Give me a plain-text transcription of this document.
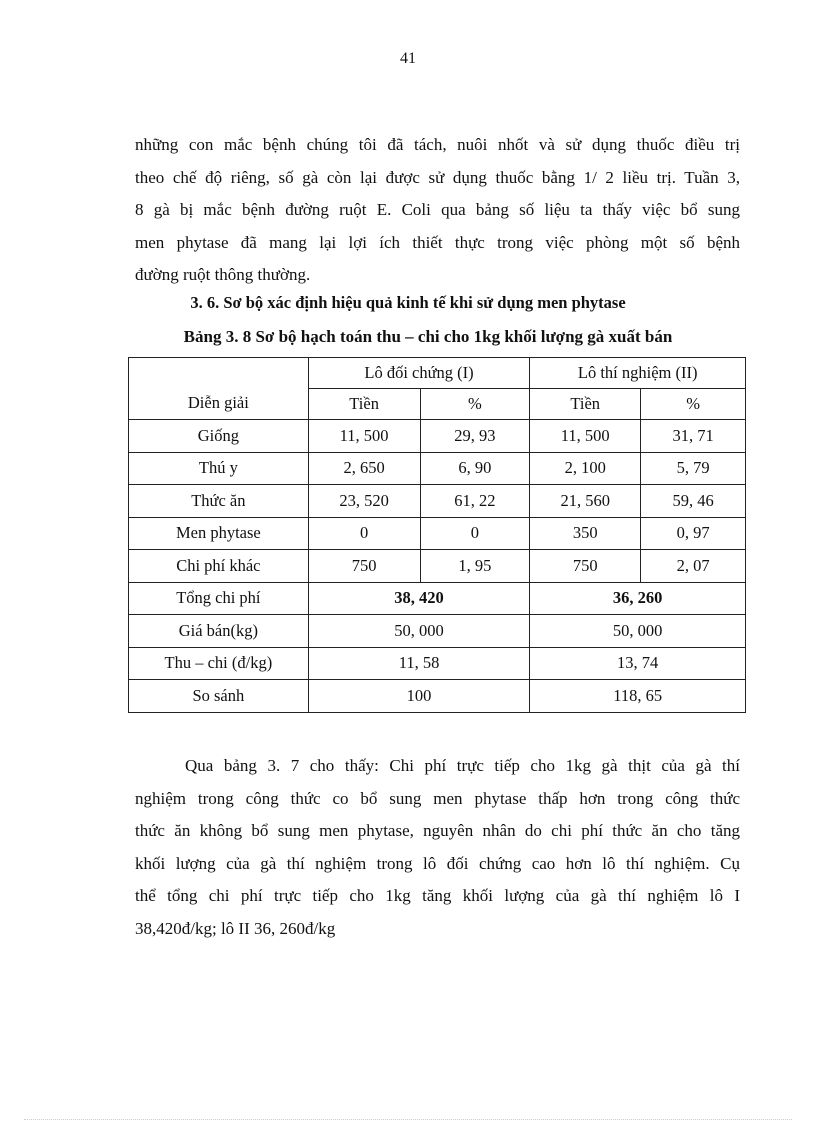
41

những con mắc bệnh chúng tôi đã tách, nuôi nhốt và sử dụng thuốc điều trị
theo chế độ riêng, số gà còn lại được sử dụng thuốc bằng 1/ 2 liều trị. Tuần 3,
8 gà bị mắc bệnh đường ruột E. Coli qua bảng số liệu ta thấy việc bổ sung
men phytase đã mang lại lợi ích thiết thực trong việc phòng một số bệnh
đường ruột thông thường.

3. 6. Sơ bộ xác định hiệu quả kinh tế khi sử dụng men phytase

Bảng 3. 8 Sơ bộ hạch toán thu – chi cho 1kg khối lượng gà xuất bán

Diễn giải	Lô đối chứng (I)		Lô thí nghiệm (II)	
	Tiền	%	Tiền	%
Giống	11, 500	29, 93	11, 500	31, 71
Thú y	2, 650	6, 90	2, 100	5, 79
Thức ăn	23, 520	61, 22	21, 560	59, 46
Men phytase	0	0	350	0, 97
Chi phí khác	750	1, 95	750	2, 07
Tổng chi phí	38, 420		36, 260	
Giá bán(kg)	50, 000		50, 000	
Thu – chi (đ/kg)	11, 58		13, 74	
So sánh	100		118, 65	

Qua bảng 3. 7 cho thấy: Chi phí trực tiếp cho 1kg gà thịt của gà thí
nghiệm trong công thức co bổ sung men phytase thấp hơn trong công thức
thức ăn không bổ sung men phytase, nguyên nhân do chi phí thức ăn cho tăng
khối lượng của gà thí nghiệm trong lô đối chứng cao hơn lô thí nghiệm. Cụ
thể tổng chi phí trực tiếp cho 1kg tăng khối lượng của gà thí nghiệm lô I
38,420đ/kg; lô II 36, 260đ/kg
